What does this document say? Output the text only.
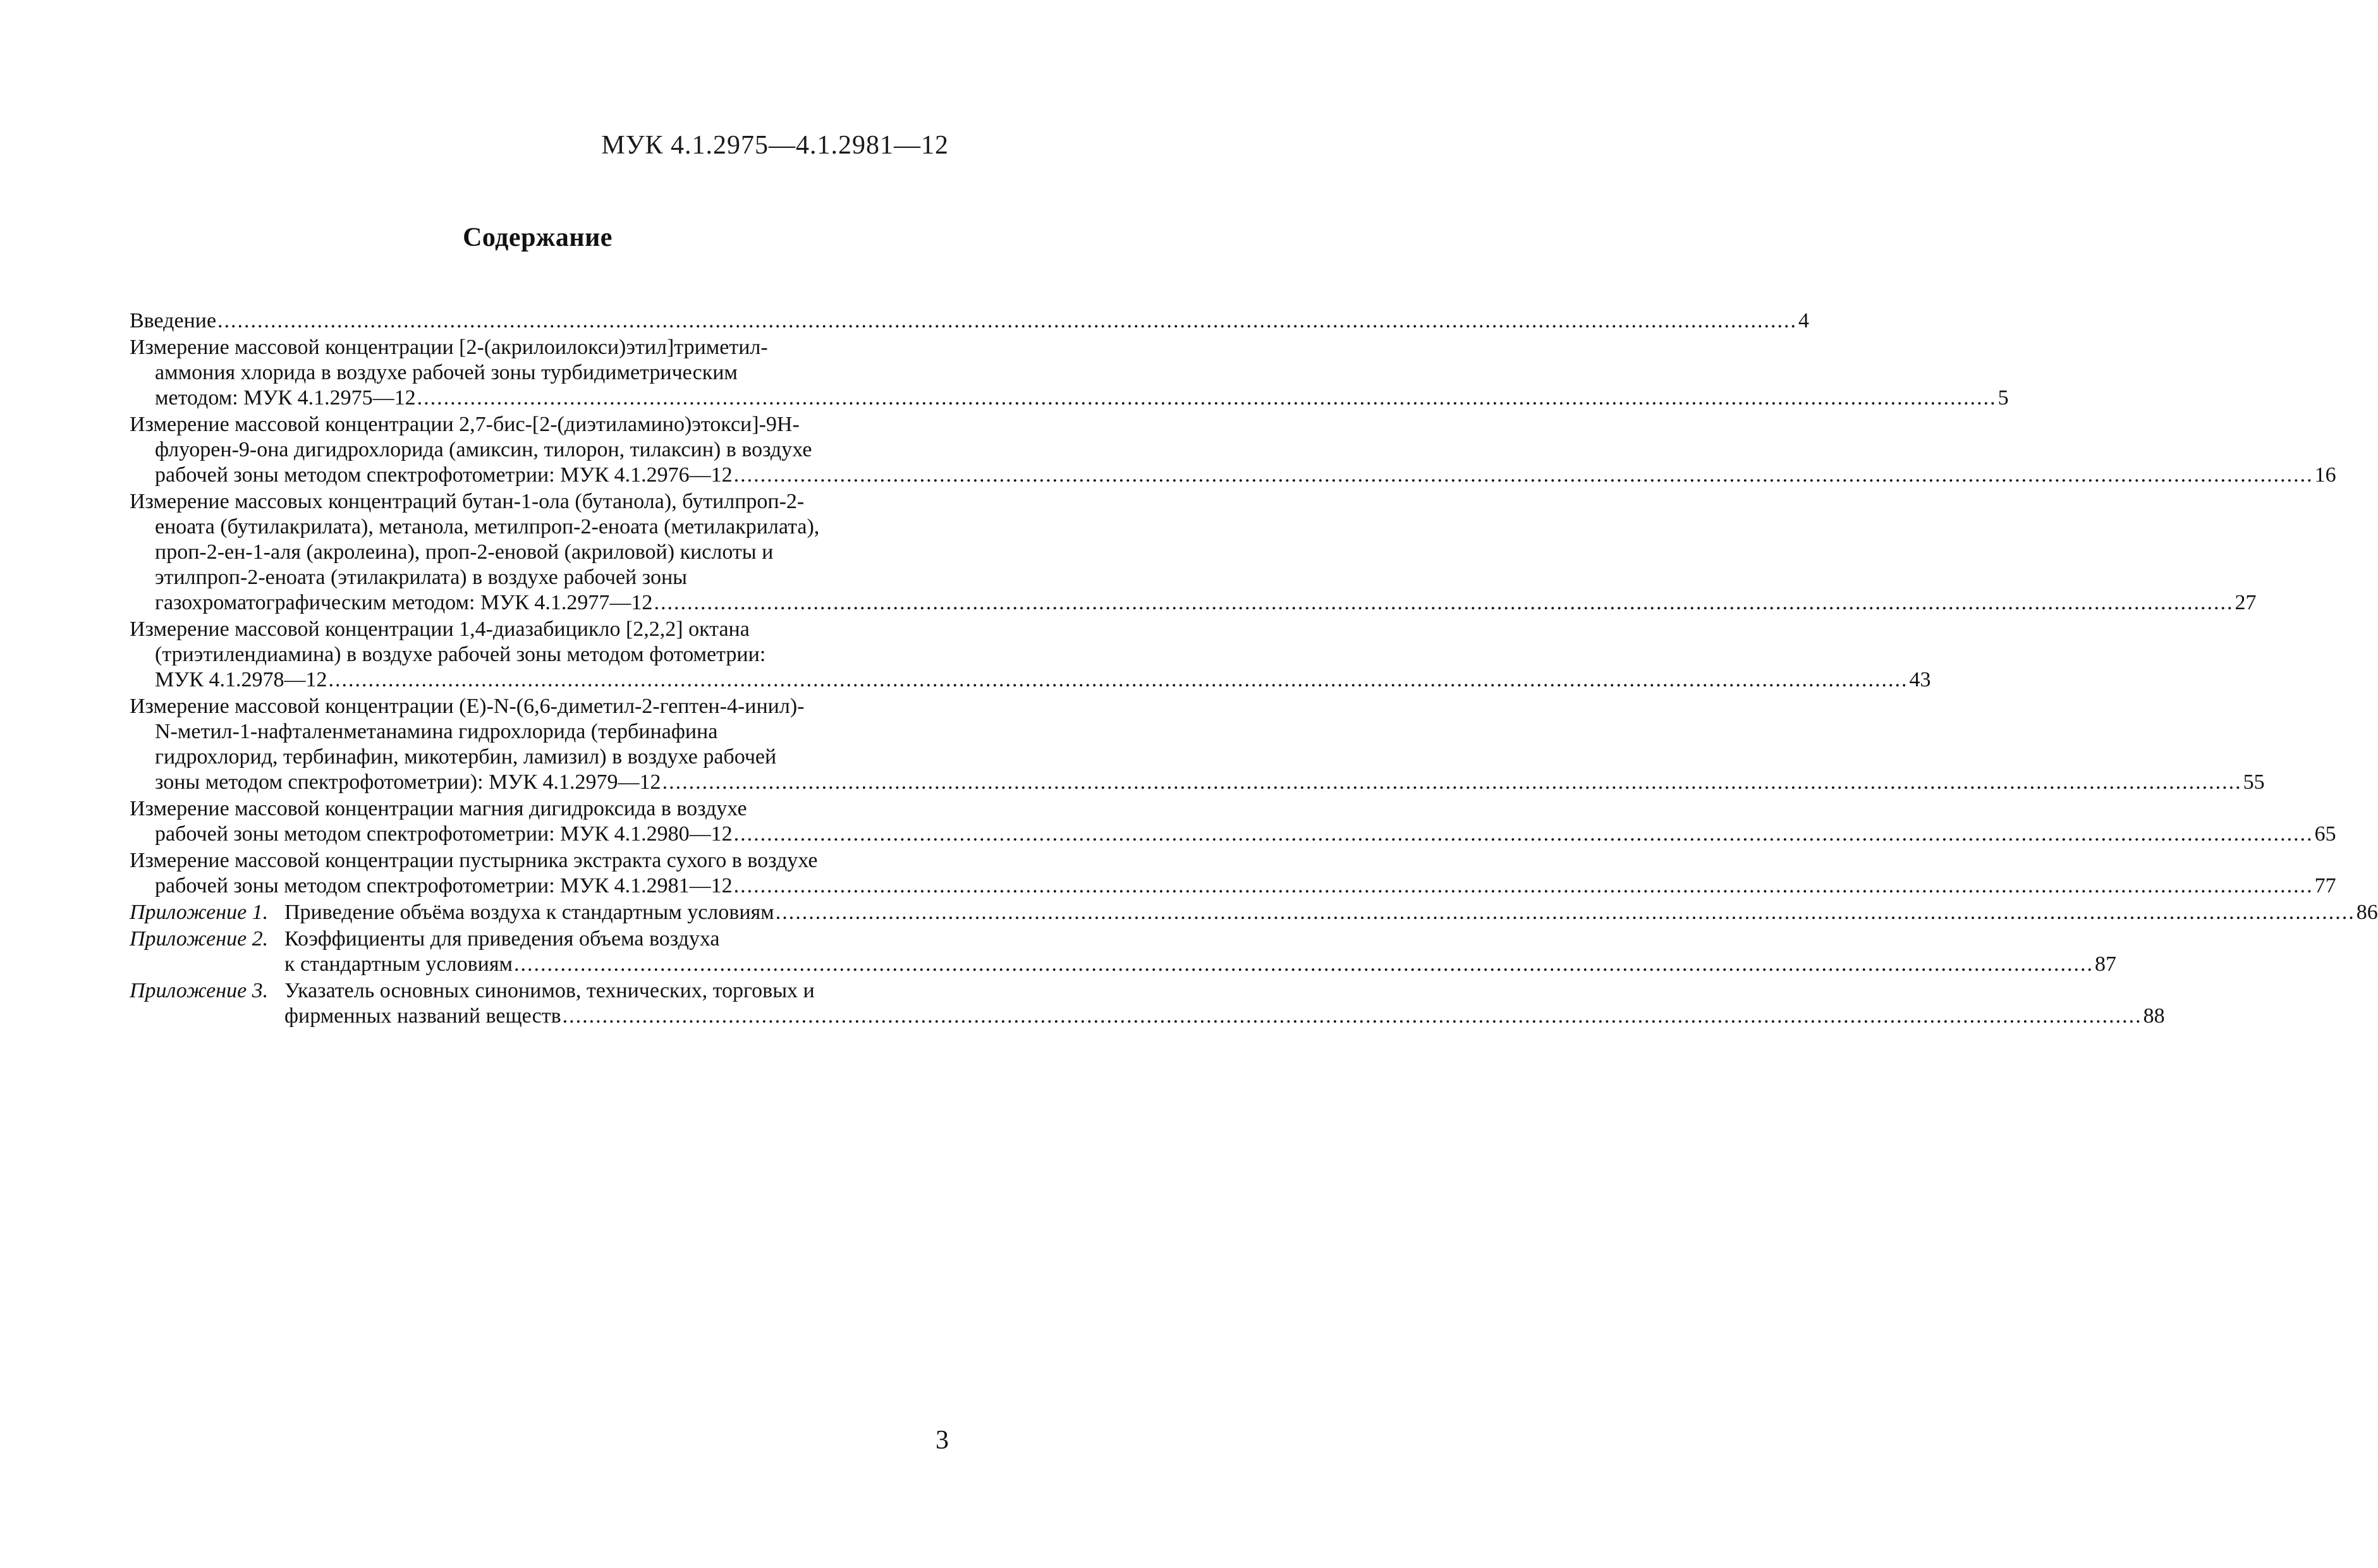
МУК 4.1.2975—4.1.2981—12
Содержание
Введение .....	4
Измерение массовой концентрации [2-(акрилоилокси)этил]триметил-
аммония хлорида в воздухе рабочей зоны турбидиметрическим
методом: МУК 4.1.2975—12 .....	5
Измерение массовой концентрации 2,7-бис-[2-(диэтиламино)этокси]-9Н-
флуорен-9-она дигидрохлорида (амиксин, тилорон, тилаксин) в воздухе
рабочей зоны методом спектрофотометрии: МУК 4.1.2976—12 .....	16
Измерение массовых концентраций бутан-1-ола (бутанола), бутилпроп-2-
еноата (бутилакрилата), метанола, метилпроп-2-еноата (метилакрилата),
проп-2-ен-1-аля (акролеина), проп-2-еновой (акриловой) кислоты и
этилпроп-2-еноата (этилакрилата) в воздухе рабочей зоны
газохроматографическим методом: МУК 4.1.2977—12 .....	27
Измерение массовой концентрации 1,4-диазабицикло [2,2,2] октана
(триэтилендиамина) в воздухе рабочей зоны методом фотометрии:
МУК 4.1.2978—12 .....	43
Измерение массовой концентрации (Е)-N-(6,6-диметил-2-гептен-4-инил)-
N-метил-1-нафталенметанамина гидрохлорида (тербинафина
гидрохлорид, тербинафин, микотербин, ламизил) в воздухе рабочей
зоны методом спектрофотометрии): МУК 4.1.2979—12 .....	55
Измерение массовой концентрации магния дигидроксида в воздухе
рабочей зоны методом спектрофотометрии: МУК 4.1.2980—12 .....	65
Измерение массовой концентрации пустырника экстракта сухого в воздухе
рабочей зоны методом спектрофотометрии: МУК 4.1.2981—12 .....	77
Приложение 1. Приведение объёма воздуха к стандартным условиям .....	86
Приложение 2. Коэффициенты для приведения объема воздуха
к стандартным условиям .....	87
Приложение 3. Указатель основных синонимов, технических, торговых и
фирменных названий веществ .....	88
3
